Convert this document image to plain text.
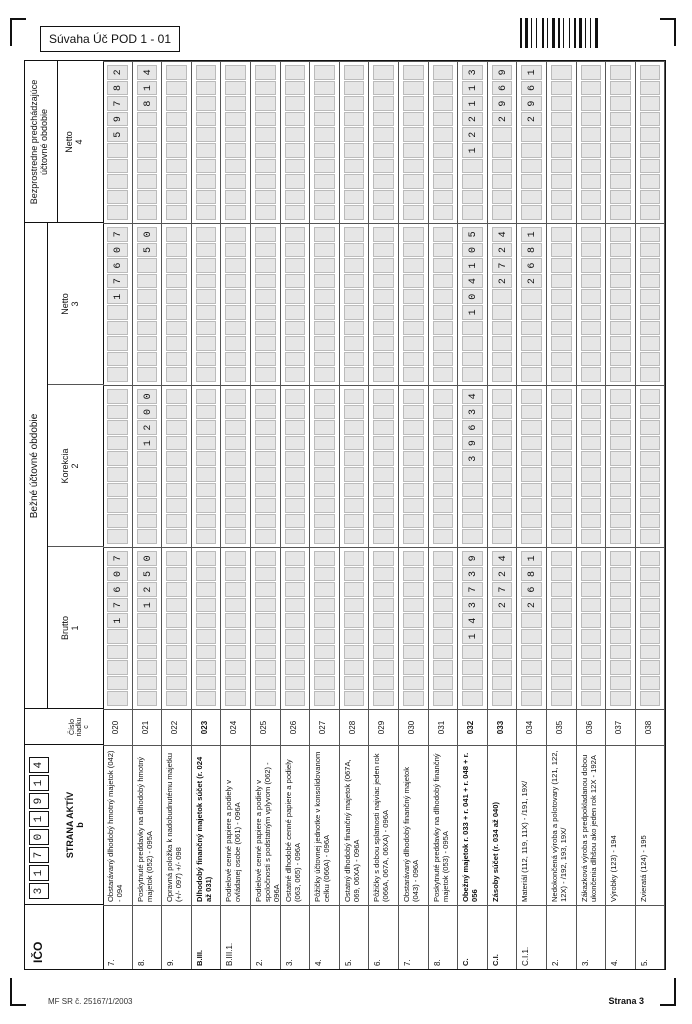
Súvaha Úč POD 1 - 01
IČO
3
1
7
0
1
9
1
4
STRANA AKTÍV
b
Číslo
riadku
c
Bežné účtovné obdobie
Brutto
1
Korekcia
2
Netto
3
Bezprostredne predchádzajúce
účtovné obdobie
Netto
4
7.
Obstarávaný dlhodobý hmotný majetok (042) - 094
020
1
7
6
0
7
1
7
6
0
7
5
9
7
8
2
8.
Poskytnuté preddavky na dlhodobý hmotný majetok (052) - 095A
021
1
2
5
0
1
2
0
0
5
0
8
1
4
9.
Opravná položka k nadobudnutému majetku (+/- 097) +/- 098
022
B.III.
Dlhodobý finančný majetok súčet (r. 024 až 031)
023
B.III.1.
Podielové cenné papiere a podiely v ovládanej osobe (061) - 096A
024
2.
Podielové cenné papiere a podiely v spoločnosti s podstatným vplyvom (062) - 096A
025
3.
Ostatné dlhodobé cenné papiere a podiely (063, 065) - 096A
026
4.
Pôžičky účtovnej jednotke v konsolidovanom celku (066A) - 096A
027
5.
Ostatný dlhodobý finančný majetok (067A, 069, 06XA) - 096A
028
6.
Pôžičky s dobou splatnosti najviac jeden rok (066A, 067A, 06XA) - 096A
029
7.
Obstarávaný dlhodobý finančný majetok (043) - 096A
030
8.
Poskytnuté preddavky na dlhodobý finančný majetok (053) - 095A
031
C.
Obežný majetok r. 033 + r. 041 + r. 048 + r. 056
032
1
4
3
7
3
9
3
9
6
3
4
1
0
4
1
0
5
1
2
2
1
1
3
C.I.
Zásoby súčet (r. 034 až 040)
033
2
7
2
4
2
7
2
4
2
9
6
9
C.I.1.
Materiál (112, 119, 11X) - /191, 19X/
034
2
6
8
1
2
6
8
1
2
9
6
1
2.
Nedokončená výroba a polotovary (121, 122, 12X) - /192, 193, 19X/
035
3.
Zákazková výroba s predpokladanou dobou ukončenia dlhšou ako jeden rok 12X - 192A
036
4.
Výrobky (123) - 194
037
5.
Zvieratá (124) - 195
038
MF SR č. 25167/1/2003	Strana 3
